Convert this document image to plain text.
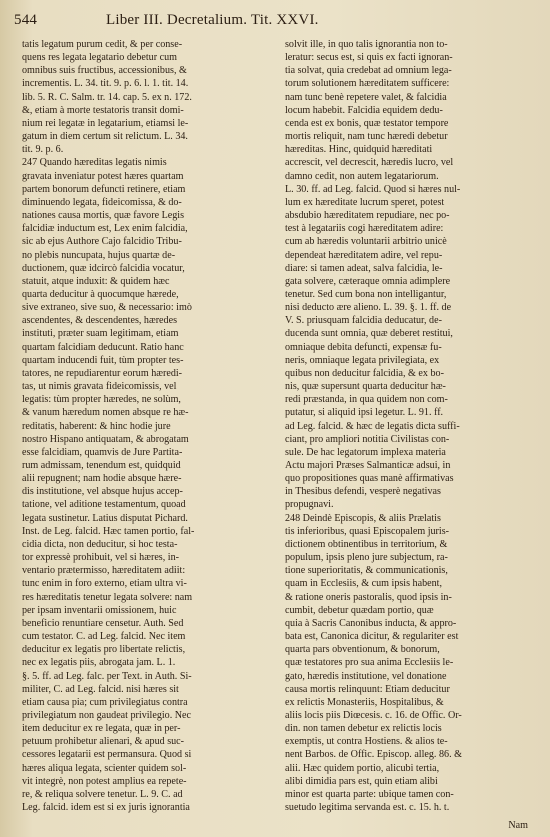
544	Liber III. Decretalium. Tit. XXVI.
tatis legatum purum cedit, & per conse-
quens res legata legatario debetur cum
omnibus suis fructibus, accessionibus, &
incrementis. L. 34. tit. 9. p. 6. l. 1. tit. 14.
lib. 5. R. C. Salm. tr. 14. cap. 5. ex n. 172.
&, etiam à morte testatoris transit domi-
nium rei legatæ in legatarium, etiamsi le-
gatum in diem certum sit relictum. L. 34.
tit. 9. p. 6.
247 Quando hæreditas legatis nimis
gravata inveniatur potest hæres quartam
partem bonorum defuncti retinere, etiam
diminuendo legata, fideicomissa, & do-
nationes causa mortis, quæ favore Legis
falcidiæ inductum est, Lex enim falcidia,
sic ab ejus Authore Cajo falcidio Tribu-
no plebis nuncupata, hujus quartæ de-
ductionem, quæ idcircò falcidia vocatur,
statuit, atque induxit: & quidem hæc
quarta deducitur à quocumque hærede,
sive extraneo, sive suo, & necessario: imò
ascendentes, & descendentes, hæredes
instituti, præter suam legitimam, etiam
quartam falcidiam deducunt. Ratio hanc
quartam inducendi fuit, tùm propter tes-
tatores, ne repudiarentur eorum hæredi-
tas, ut nimis gravata fideicomissis, vel
legatis: tùm propter hæredes, ne solùm,
& vanum hæredum nomen absque re hæ-
reditatis, haberent: & hinc hodie jure
nostro Hispano antiquatam, & abrogatam
esse falcidiam, quamvis de Jure Partita-
rum admissam, tenendum est, quidquid
alii repugnent; nam hodie absque hære-
dis institutione, vel absque hujus accep-
tatione, vel aditione testamentum, quoad
legata sustinetur. Latius disputat Pichard.
Inst. de Leg. falcid. Hæc tamen portio, fal-
cidia dicta, non deducitur, si hoc testa-
tor expressè prohibuit, vel si hæres, in-
ventario prætermisso, hæreditatem adiit:
tunc enim in foro externo, etiam ultra vi-
res hæreditatis tenetur legata solvere: nam
per ipsam inventarii omissionem, huic
beneficio renuntiare censetur. Auth. Sed
cum testator. C. ad Leg. falcid. Nec item
deducitur ex legatis pro libertate relictis,
nec ex legatis piis, abrogata jam. L. 1.
§. 5. ff. ad Leg. falc. per Text. in Auth. Si-
militer, C. ad Leg. falcid. nisi hæres sit
etiam causa pia; cum privilegiatus contra
privilegiatum non gaudeat privilegio. Nec
item deducitur ex re legata, quæ in per-
petuum prohibetur alienari, & apud suc-
cessores legatarii est permansura. Quod si
hæres aliqua legata, scienter quidem sol-
vit integrè, non potest amplius ea repete-
re, & reliqua solvere tenetur. L. 9. C. ad
Leg. falcid. idem est si ex juris ignorantia
solvit ille, in quo talis ignorantia non to-
leratur: secus est, si quis ex facti ignoran-
tia solvat, quia credebat ad omnium lega-
torum solutionem hæreditatem sufficere:
nam tunc benè repetere valet, & falcidia
locum habebit. Falcidia equidem dedu-
cenda est ex bonis, quæ testator tempore
mortis reliquit, nam tunc hæredi debetur
hæreditas. Hinc, quidquid hæreditati
accrescit, vel decrescit, hæredis lucro, vel
damno cedit, non autem legatariorum.
L. 30. ff. ad Leg. falcid. Quod si hæres nul-
lum ex hæreditate lucrum speret, potest
absdubio hæreditatem repudiare, nec po-
test à legatariis cogi hæreditatem adire:
cum ab hæredis voluntarii arbitrio unicè
dependeat hæreditatem adire, vel repu-
diare: si tamen adeat, salva falcidia, le-
gata solvere, cæteraque omnia adimplere
tenetur. Sed cum bona non intelligantur,
nisi deducto ære alieno. L. 39. §. 1. ff. de
V. S. priusquam falcidia deducatur, de-
ducenda sunt omnia, quæ deberet restitui,
omniaque debita defuncti, expensæ fu-
neris, omniaque legata privilegiata, ex
quibus non deducitur falcidia, & ex bo-
nis, quæ supersunt quarta deducitur hæ-
redi præstanda, in qua quidem non com-
putatur, si aliquid ipsi legetur. L. 91. ff.
ad Leg. falcid. & hæc de legatis dicta suffi-
ciant, pro ampliori notitia Civilistas con-
sule. De hac legatorum implexa materia
Actu majori Præses Salmanticæ adsui, in
quo propositiones quas manè affirmativas
in Thesibus defendi, vesperè negativas
propugnavi.
248 Deindè Episcopis, & aliis Prælatis
tis inferioribus, quasi Episcopalem juris-
dictionem obtinentibus in territorium, &
populum, ipsis pleno jure subjectum, ra-
tione superioritatis, & communicationis,
quam in Ecclesiis, & cum ipsis habent,
& ratione oneris pastoralis, quod ipsis in-
cumbit, debetur quædam portio, quæ
quia à Sacris Canonibus inducta, & appro-
bata est, Canonica dicitur, & regulariter est
quarta pars obventionum, & bonorum,
quæ testatores pro sua anima Ecclesiis le-
gato, hæredis institutione, vel donatione
causa mortis relinquunt: Etiam deducitur
ex relictis Monasteriis, Hospitalibus, &
aliis locis piis Diœcesis. c. 16. de Offic. Or-
din. non tamen debetur ex relictis locis
exemptis, ut contra Hostiens. & alios te-
nent Barbos. de Offic. Episcop. alleg. 86. &
alii. Hæc quidem portio, alicubi tertia,
alibi dimidia pars est, quin etiam alibi
minor est quarta parte: ubique tamen con-
suetudo legitima servanda est. c. 15. h. t.
Nam
